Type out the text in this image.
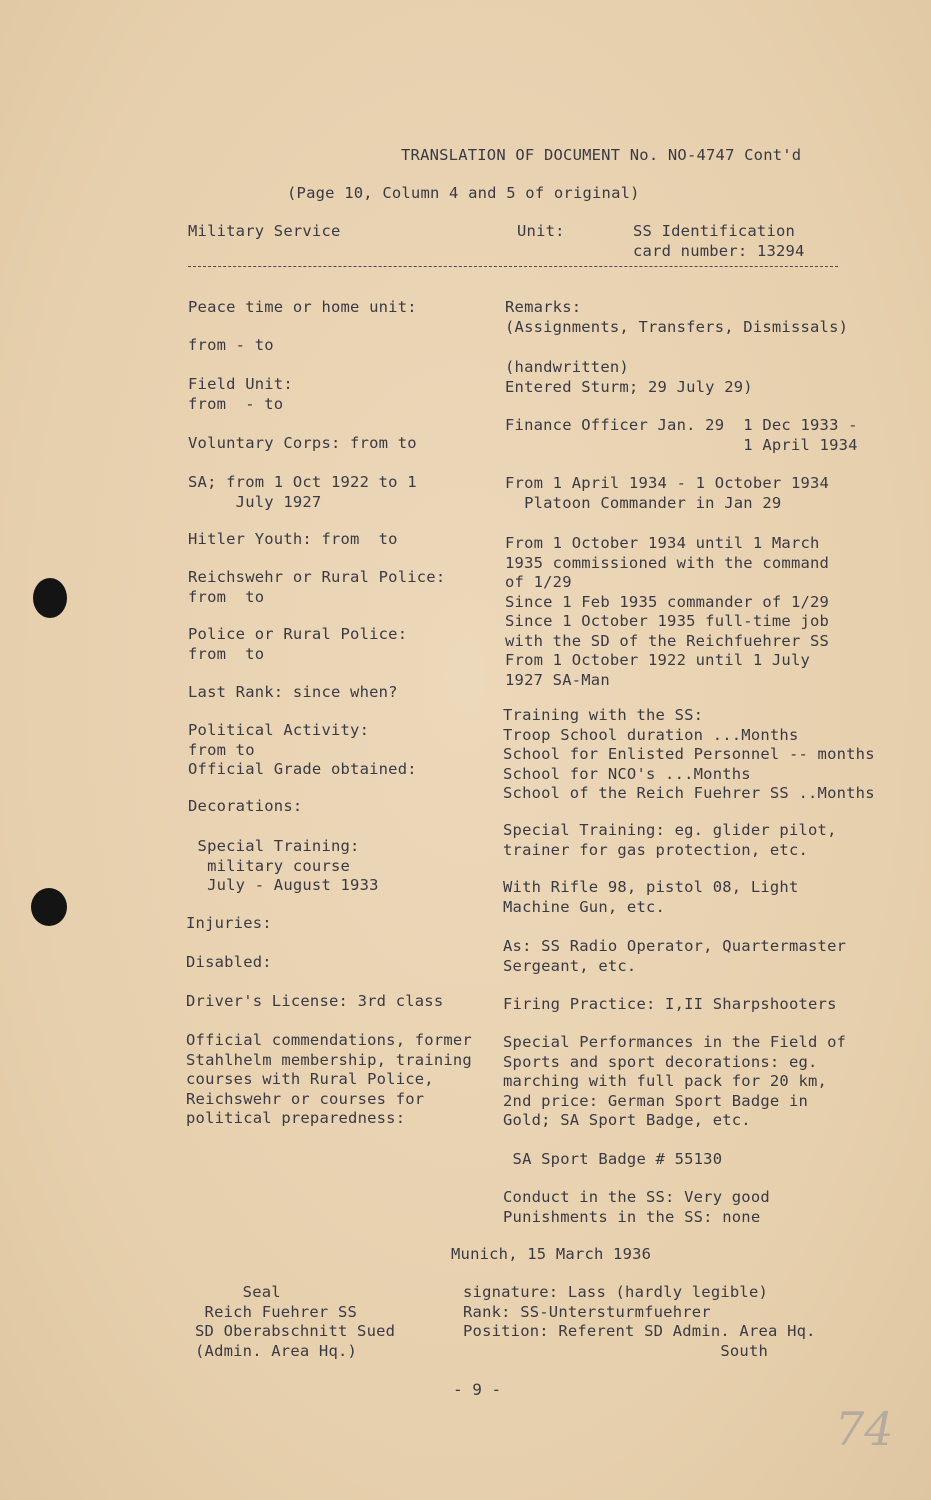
TRANSLATION OF DOCUMENT No. NO-4747 Cont'd
(Page 10, Column 4 and 5 of original)
Military Service	Unit:	SS Identification
card number: 13294
Peace time or home unit:
from - to
Field Unit:
from  - to
Voluntary Corps: from to
SA; from 1 Oct 1922 to 1
July 1927
Hitler Youth: from  to
Reichswehr or Rural Police:
from  to
Police or Rural Police:
from  to
Last Rank: since when?
Political Activity:
from to
Official Grade obtained:
Decorations:
Special Training:
military course
July - August 1933
Injuries:
Disabled:
Driver's License: 3rd class
Official commendations, former
Stahlhelm membership, training
courses with Rural Police,
Reichswehr or courses for
political preparedness:
Remarks:
(Assignments, Transfers, Dismissals)
(handwritten)
Entered Sturm; 29 July 29)
Finance Officer Jan. 29  1 Dec 1933 -
1 April 1934
From 1 April 1934 - 1 October 1934
Platoon Commander in Jan 29
From 1 October 1934 until 1 March
1935 commissioned with the command
of 1/29
Since 1 Feb 1935 commander of 1/29
Since 1 October 1935 full-time job
with the SD of the Reichfuehrer SS
From 1 October 1922 until 1 July
1927 SA-Man
Training with the SS:
Troop School duration ...Months
School for Enlisted Personnel -- months
School for NCO's ...Months
School of the Reich Fuehrer SS ..Months
Special Training: eg. glider pilot,
trainer for gas protection, etc.
With Rifle 98, pistol 08, Light
Machine Gun, etc.
As: SS Radio Operator, Quartermaster
Sergeant, etc.
Firing Practice: I,II Sharpshooters
Special Performances in the Field of
Sports and sport decorations: eg.
marching with full pack for 20 km,
2nd price: German Sport Badge in
Gold; SA Sport Badge, etc.
SA Sport Badge # 55130
Conduct in the SS: Very good
Punishments in the SS: none
Munich, 15 March 1936
Seal
Reich Fuehrer SS
SD Oberabschnitt Sued
(Admin. Area Hq.)
signature: Lass (hardly legible)
Rank: SS-Untersturmfuehrer
Position: Referent SD Admin. Area Hq.
South
- 9 -
74
